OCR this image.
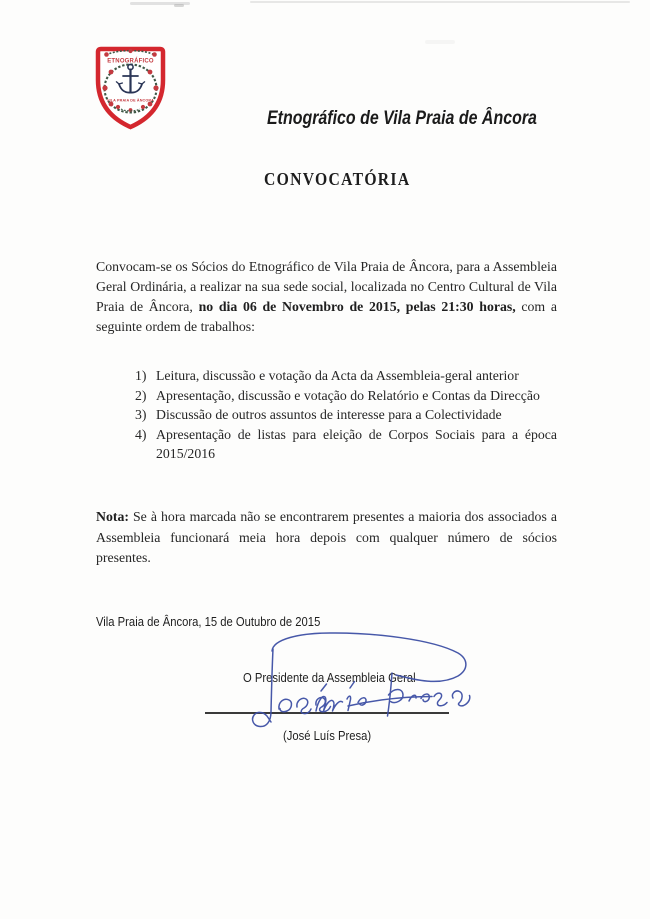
ETNOGRÁFICO
VILA PRAIA DE ÂNCORA
Etnográfico de Vila Praia de Âncora
CONVOCATÓRIA
Convocam-se os Sócios do Etnográfico de Vila Praia de Âncora, para a Assembleia Geral Ordinária, a realizar na sua sede social, localizada no Centro Cultural de Vila Praia de Âncora, no dia 06 de Novembro de 2015, pelas 21:30 horas, com a seguinte ordem de trabalhos:
1) Leitura, discussão e votação da Acta da Assembleia-geral anterior
2) Apresentação, discussão e votação do Relatório e Contas da Direcção
3) Discussão de outros assuntos de interesse para a Colectividade
4) Apresentação de listas para eleição de Corpos Sociais para a época 2015/2016
Nota: Se à hora marcada não se encontrarem presentes a maioria dos associados a Assembleia funcionará meia hora depois com qualquer número de sócios presentes.
Vila Praia de Âncora, 15 de Outubro de 2015
O Presidente da Assembleia Geral
(José Luís Presa)
